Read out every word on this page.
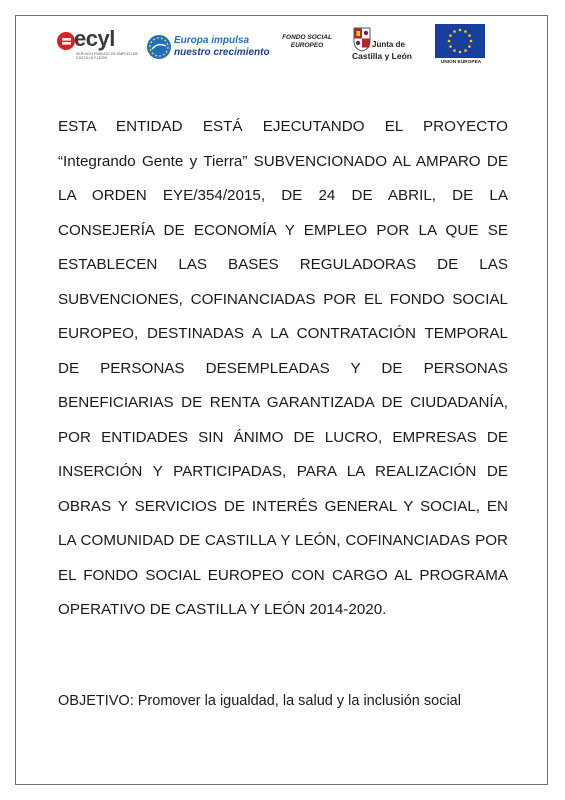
ecyl
SERVICIO PÚBLICO DE EMPLEO DE CASTILLA Y LEÓN
Europa impulsa
nuestro crecimiento
FONDO SOCIAL
EUROPEO	Junta de
Castilla y León
UNION EUROPEA

ESTA ENTIDAD ESTÁ EJECUTANDO EL PROYECTO “Integrando Gente y Tierra” SUBVENCIONADO AL AMPARO DE LA ORDEN EYE/354/2015, DE 24 DE ABRIL, DE LA CONSEJERÍA DE ECONOMÍA Y EMPLEO POR LA QUE SE ESTABLECEN LAS BASES REGULADORAS DE LAS SUBVENCIONES, COFINANCIADAS POR EL FONDO SOCIAL EUROPEO, DESTINADAS A LA CONTRATACIÓN TEMPORAL DE PERSONAS DESEMPLEADAS Y DE PERSONAS BENEFICIARIAS DE RENTA GARANTIZADA DE CIUDADANÍA, POR ENTIDADES SIN ÁNIMO DE LUCRO, EMPRESAS DE INSERCIÓN Y PARTICIPADAS, PARA LA REALIZACIÓN DE OBRAS Y SERVICIOS DE INTERÉS GENERAL Y SOCIAL, EN LA COMUNIDAD DE CASTILLA Y LEÓN, COFINANCIADAS POR EL FONDO SOCIAL EUROPEO CON CARGO AL PROGRAMA OPERATIVO DE CASTILLA Y LEÓN 2014-2020.

OBJETIVO: Promover la igualdad, la salud y la inclusión social
